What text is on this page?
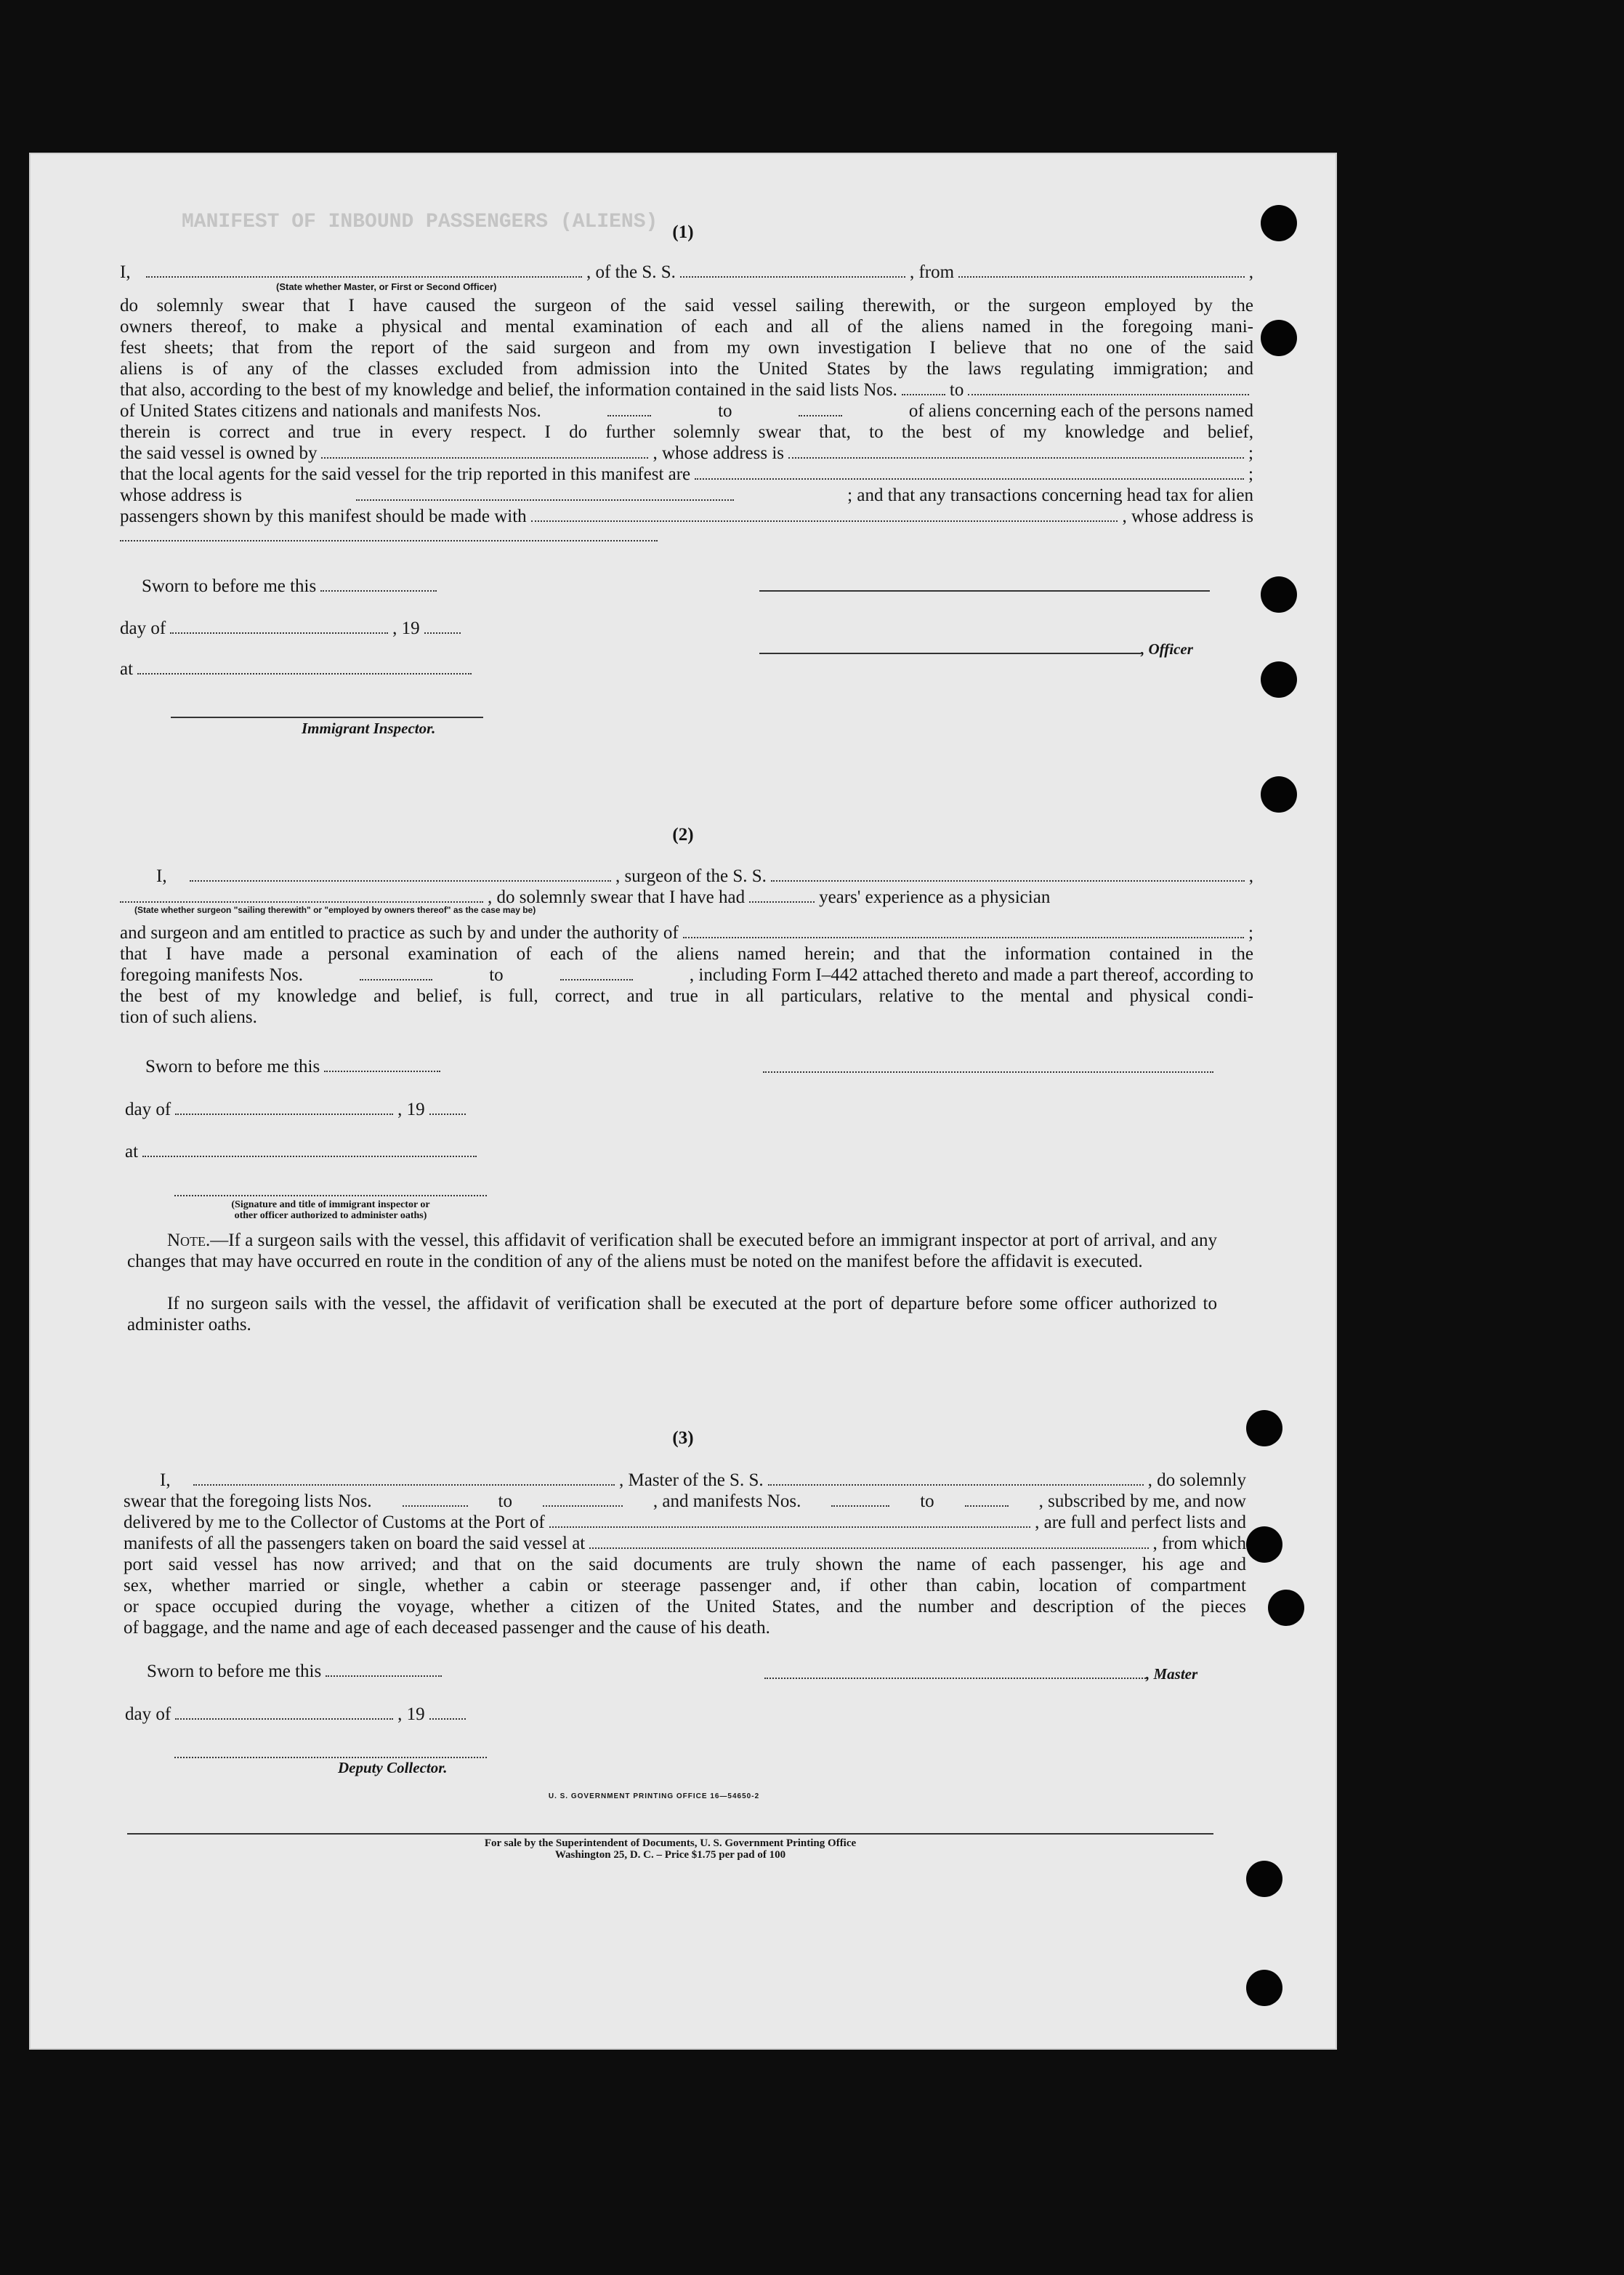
MANIFEST OF INBOUND PASSENGERS (ALIENS) (1)
I,	, of the S. S.	, from	,
(State whether Master, or First or Second Officer)
do solemnly swear that I have caused the surgeon of the said vessel sailing therewith, or the surgeon employed by the
owners thereof, to make a physical and mental examination of each and all of the aliens named in the foregoing mani-
fest sheets; that from the report of the said surgeon and from my own investigation I believe that no one of the said
aliens is of any of the classes excluded from admission into the United States by the laws regulating immigration; and
that also, according to the best of my knowledge and belief, the information contained in the said lists Nos.	to
of United States citizens and nationals and manifests Nos.	to	of aliens concerning each of the persons named
therein is correct and true in every respect. I do further solemnly swear that, to the best of my knowledge and belief,
the said vessel is owned by	, whose address is	;
that the local agents for the said vessel for the trip reported in this manifest are	;
whose address is	; and that any transactions concerning head tax for alien
passengers shown by this manifest should be made with	, whose address is
Sworn to before me this
day of	, 19
at
Immigrant Inspector.
, Officer
(2)
I,	, surgeon of the S. S.	,
, do solemnly swear that I have had	years' experience as a physician
(State whether surgeon "sailing therewith" or "employed by owners thereof" as the case may be)
and surgeon and am entitled to practice as such by and under the authority of	;
that I have made a personal examination of each of the aliens named herein; and that the information contained in the
foregoing manifests Nos.	to	, including Form I–442 attached thereto and made a part thereof, according to
the best of my knowledge and belief, is full, correct, and true in all particulars, relative to the mental and physical condi-
tion of such aliens.
Sworn to before me this
day of	, 19
at
(Signature and title of immigrant inspector or
other officer authorized to administer oaths)
Note.—If a surgeon sails with the vessel, this affidavit of verification shall be executed before an immigrant inspector at port of arrival, and any changes that may have occurred en route in the condition of any of the aliens must be noted on the manifest before the affidavit is executed.
If no surgeon sails with the vessel, the affidavit of verification shall be executed at the port of departure before some officer authorized to administer oaths.
(3)
I,	, Master of the S. S.	, do solemnly
swear that the foregoing lists Nos.	to	, and manifests Nos.	to	, subscribed by me, and now
delivered by me to the Collector of Customs at the Port of	, are full and perfect lists and
manifests of all the passengers taken on board the said vessel at	, from which
port said vessel has now arrived; and that on the said documents are truly shown the name of each passenger, his age and
sex, whether married or single, whether a cabin or steerage passenger and, if other than cabin, location of compartment
or space occupied during the voyage, whether a citizen of the United States, and the number and description of the pieces
of baggage, and the name and age of each deceased passenger and the cause of his death.
Sworn to before me this	, Master
day of	, 19
Deputy Collector.
U. S. GOVERNMENT PRINTING OFFICE 16—54650-2
For sale by the Superintendent of Documents, U. S. Government Printing Office
Washington 25, D. C. – Price $1.75 per pad of 100
